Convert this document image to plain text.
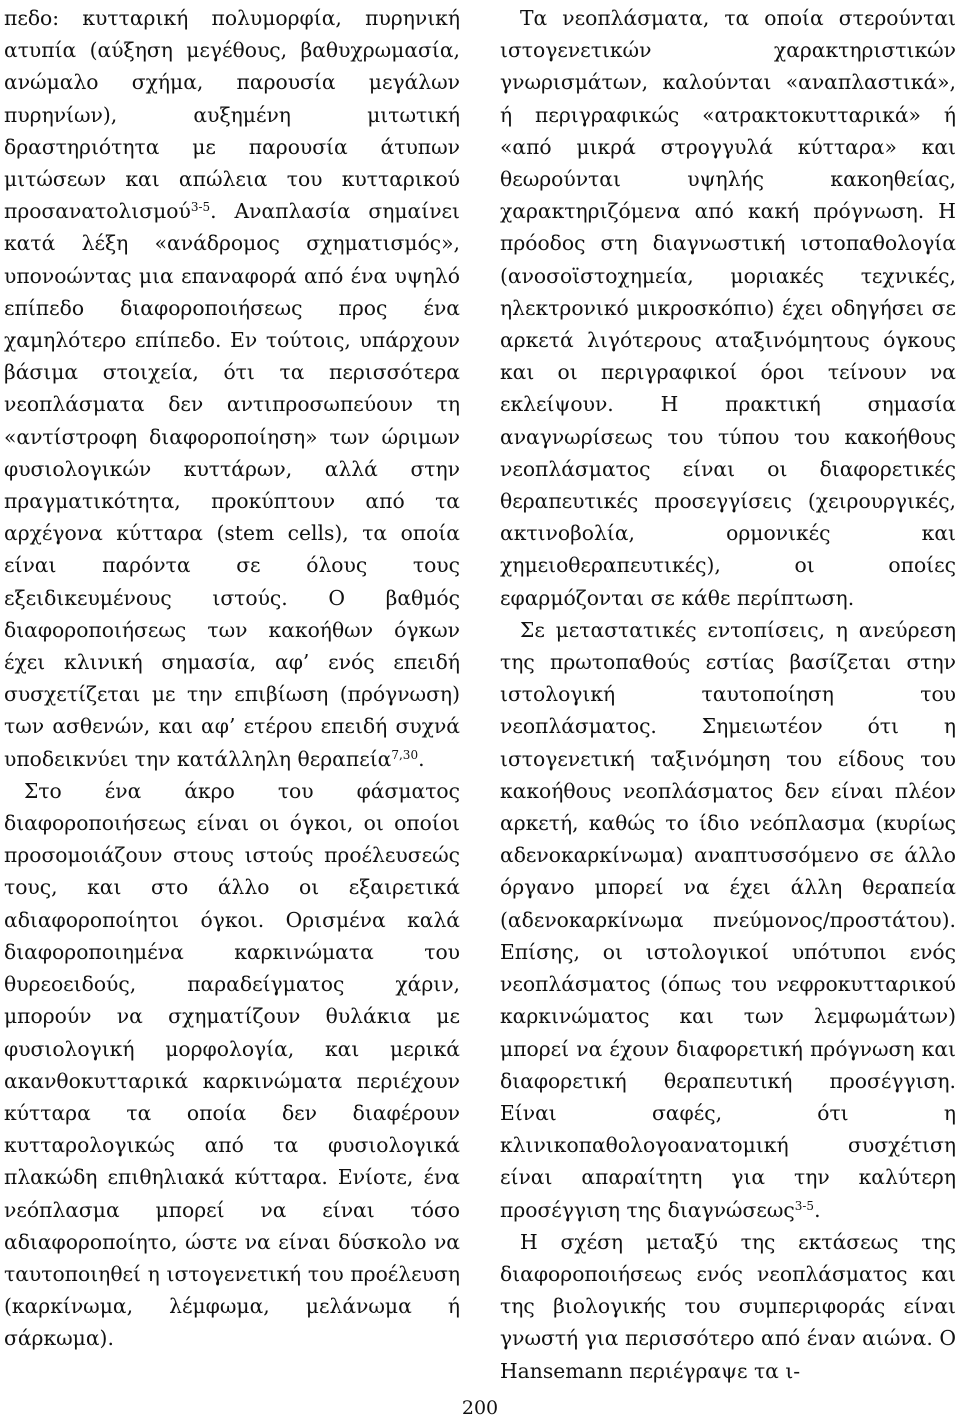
πεδο: κυτταρική πολυμορφία, πυρηνική ατυπία (αύξηση μεγέθους, βαθυχρωμασία, ανώμαλο σχήμα, παρουσία μεγάλων πυρηνίων), αυξημένη μιτωτική δραστηριότητα με παρουσία άτυπων μιτώσεων και απώλεια του κυτταρικού προσανατολισμού$^{3-5}$. Αναπλασία σημαίνει κατά λέξη «ανάδρομος σχηματισμός», υπονοώντας μια επαναφορά από ένα υψηλό επίπεδο διαφοροποιήσεως προς ένα χαμηλότερο επίπεδο. Εν τούτοις, υπάρχουν βάσιμα στοιχεία, ότι τα περισσότερα νεοπλάσματα δεν αντιπροσωπεύουν τη «αντίστροφη διαφοροποίηση» των ώριμων φυσιολογικών κυττάρων, αλλά στην πραγματικότητα, προκύπτουν από τα αρχέγονα κύτταρα (stem cells), τα οποία είναι παρόντα σε όλους τους εξειδικευμένους ιστούς. Ο βαθμός διαφοροποιήσεως των κακοήθων όγκων έχει κλινική σημασία, αφ’ ενός επειδή συσχετίζεται με την επιβίωση (πρόγνωση) των ασθενών, και αφ’ ετέρου επειδή συχνά υποδεικνύει την κατάλληλη θεραπεία$^{7,30}$.

Στο ένα άκρο του φάσματος διαφοροποιήσεως είναι οι όγκοι, οι οποίοι προσομοιάζουν στους ιστούς προέλευσεώς τους, και στο άλλο οι εξαιρετικά αδιαφοροποίητοι όγκοι. Ορισμένα καλά διαφοροποιημένα καρκινώματα του θυρεοειδούς, παραδείγματος χάριν, μπορούν να σχηματίζουν θυλάκια με φυσιολογική μορφολογία, και μερικά ακανθοκυτταρικά καρκινώματα περιέχουν κύτταρα τα οποία δεν διαφέρουν κυτταρολογικώς από τα φυσιολογικά πλακώδη επιθηλιακά κύτταρα. Ενίοτε, ένα νεόπλασμα μπορεί να είναι τόσο αδιαφοροποίητο, ώστε να είναι δύσκολο να ταυτοποιηθεί η ιστογενετική του προέλευση (καρκίνωμα, λέμφωμα, μελάνωμα ή σάρκωμα).

Τα νεοπλάσματα, τα οποία στερούνται ιστογενετικών χαρακτηριστικών γνωρισμάτων, καλούνται «αναπλαστικά», ή περιγραφικώς «ατρακτοκυτταρικά» ή «από μικρά στρογγυλά κύτταρα» και θεωρούνται υψηλής κακοηθείας, χαρακτηριζόμενα από κακή πρόγνωση. Η πρόοδος στη διαγνωστική ιστοπαθολογία (ανοσοϊστοχημεία, μοριακές τεχνικές, ηλεκτρονικό μικροσκόπιο) έχει οδηγήσει σε αρκετά λιγότερους αταξινόμητους όγκους και οι περιγραφικοί όροι τείνουν να εκλείψουν. Η πρακτική σημασία αναγνωρίσεως του τύπου του κακοήθους νεοπλάσματος είναι οι διαφορετικές θεραπευτικές προσεγγίσεις (χειρουργικές, ακτινοβολία, ορμονικές και χημειοθεραπευτικές), οι οποίες εφαρμόζονται σε κάθε περίπτωση.

Σε μεταστατικές εντοπίσεις, η ανεύρεση της πρωτοπαθούς εστίας βασίζεται στην ιστολογική ταυτοποίηση του νεοπλάσματος. Σημειωτέον ότι η ιστογενετική ταξινόμηση του είδους του κακοήθους νεοπλάσματος δεν είναι πλέον αρκετή, καθώς το ίδιο νεόπλασμα (κυρίως αδενοκαρκίνωμα) αναπτυσσόμενο σε άλλο όργανο μπορεί να έχει άλλη θεραπεία (αδενοκαρκίνωμα πνεύμονος/προστάτου). Επίσης, οι ιστολογικοί υπότυποι ενός νεοπλάσματος (όπως του νεφροκυτταρικού καρκινώματος και των λεμφωμάτων) μπορεί να έχουν διαφορετική πρόγνωση και διαφορετική θεραπευτική προσέγγιση. Είναι σαφές, ότι η κλινικοπαθολογοανατομική συσχέτιση είναι απαραίτητη για την καλύτερη προσέγγιση της διαγνώσεως$^{3-5}$.

Η σχέση μεταξύ της εκτάσεως της διαφοροποιήσεως ενός νεοπλάσματος και της βιολογικής του συμπεριφοράς είναι γνωστή για περισσότερο από έναν αιώνα. Ο Hansemann περιέγραψε τα ι-

200
